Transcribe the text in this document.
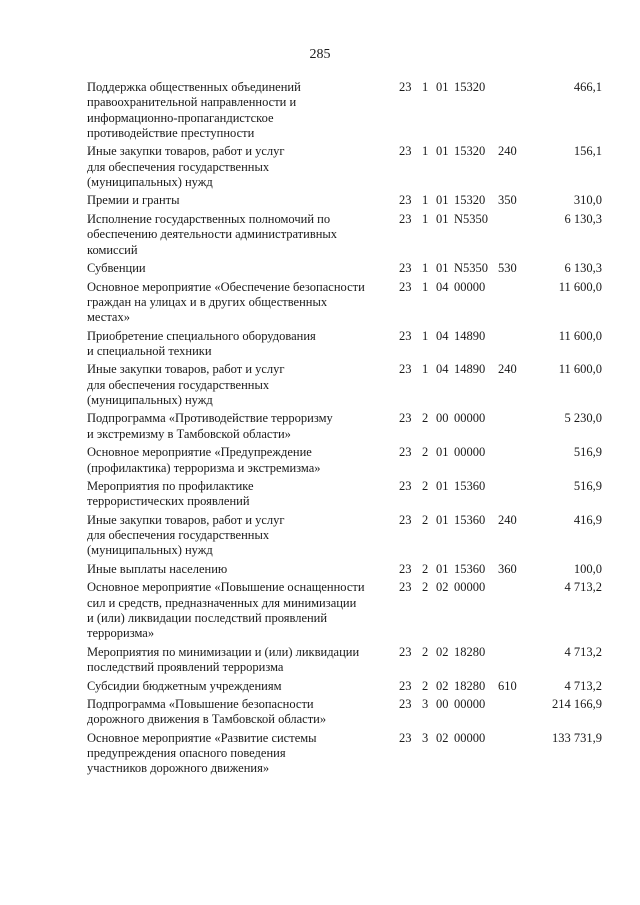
285
Поддержка общественных объединений
правоохранительной направленности и
информационно-пропагандистское
противодействие преступности
23 1 01 15320	466,1
Иные закупки товаров, работ и услуг
для обеспечения государственных
(муниципальных) нужд
23 1 01 15320 240	156,1
Премии и гранты	23 1 01 15320 350	310,0
Исполнение государственных полномочий по
обеспечению деятельности административных
комиссий
23 1 01 N5350	6 130,3
Субвенции	23 1 01 N5350 530	6 130,3
Основное мероприятие «Обеспечение безопасности
граждан на улицах и в других общественных
местах»
23 1 04 00000	11 600,0
Приобретение специального оборудования
и специальной техники
23 1 04 14890	11 600,0
Иные закупки товаров, работ и услуг
для обеспечения государственных
(муниципальных) нужд
23 1 04 14890 240	11 600,0
Подпрограмма «Противодействие терроризму
и экстремизму в Тамбовской области»
23 2 00 00000	5 230,0
Основное мероприятие «Предупреждение
(профилактика) терроризма и экстремизма»
23 2 01 00000	516,9
Мероприятия по профилактике
террористических проявлений
23 2 01 15360	516,9
Иные закупки товаров, работ и услуг
для обеспечения государственных
(муниципальных) нужд
23 2 01 15360 240	416,9
Иные выплаты населению	23 2 01 15360 360	100,0
Основное мероприятие «Повышение оснащенности
сил и средств, предназначенных для минимизации
и (или) ликвидации последствий проявлений
терроризма»
23 2 02 00000	4 713,2
Мероприятия по минимизации и (или) ликвидации
последствий проявлений терроризма
23 2 02 18280	4 713,2
Субсидии бюджетным учреждениям	23 2 02 18280 610	4 713,2
Подпрограмма «Повышение безопасности
дорожного движения в Тамбовской области»
23 3 00 00000	214 166,9
Основное мероприятие «Развитие системы
предупреждения опасного поведения
участников дорожного движения»
23 3 02 00000	133 731,9
